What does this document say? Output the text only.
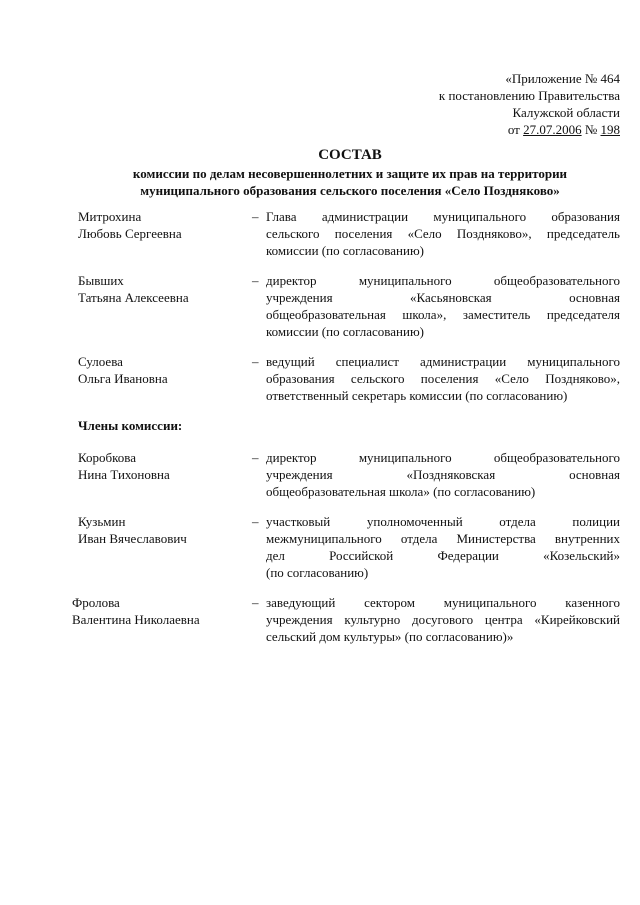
«Приложение № 464
к постановлению Правительства
Калужской области
от 27.07.2006 № 198
СОСТАВ
комиссии по делам несовершеннолетних и защите их прав на территории
муниципального образования сельского поселения «Село Поздняково»
Митрохина
Любовь Сергеевна
– Глава администрации муниципального образования
сельского поселения «Село Поздняково», председатель
комиссии (по согласованию)
Бывших
Татьяна Алексеевна
– директор муниципального общеобразовательного
учреждения «Касьяновская основная
общеобразовательная школа», заместитель председателя
комиссии (по согласованию)
Сулоева
Ольга Ивановна
– ведущий специалист администрации муниципального
образования сельского поселения «Село Поздняково»,
ответственный секретарь комиссии (по согласованию)
Члены комиссии:
Коробкова
Нина Тихоновна
– директор муниципального общеобразовательного
учреждения «Поздняковская основная
общеобразовательная школа» (по согласованию)
Кузьмин
Иван Вячеславович
– участковый уполномоченный отдела полиции
межмуниципального отдела Министерства внутренних
дел Российской Федерации «Козельский»
(по согласованию)
Фролова
Валентина Николаевна
– заведующий сектором муниципального казенного
учреждения культурно досугового центра «Кирейковский
сельский дом культуры» (по согласованию)»
